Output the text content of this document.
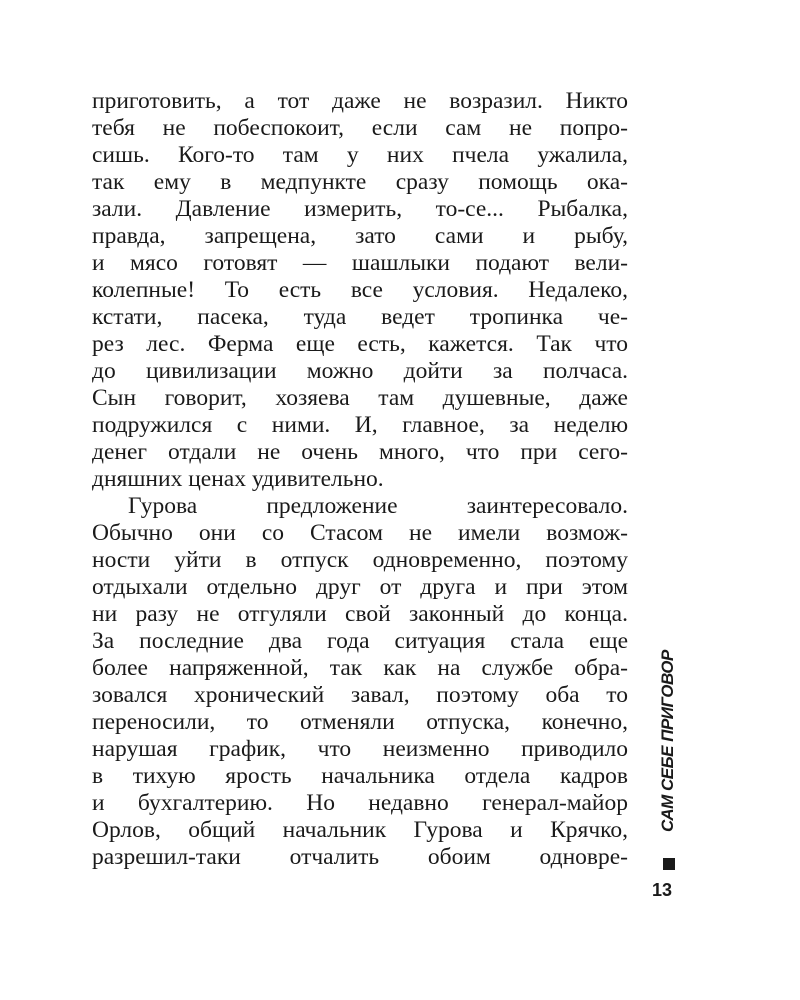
приготовить, а тот даже не возразил. Никто
тебя не побеспокоит, если сам не попро-
сишь. Кого-то там у них пчела ужалила,
так ему в медпункте сразу помощь ока-
зали. Давление измерить, то-се... Рыбалка,
правда, запрещена, зато сами и рыбу,
и мясо готовят — шашлыки подают вели-
колепные! То есть все условия. Недалеко,
кстати, пасека, туда ведет тропинка че-
рез лес. Ферма еще есть, кажется. Так что
до цивилизации можно дойти за полчаса.
Сын говорит, хозяева там душевные, даже
подружился с ними. И, главное, за неделю
денег отдали не очень много, что при сего-
дняшних ценах удивительно.
Гурова предложение заинтересовало.
Обычно они со Стасом не имели возмож-
ности уйти в отпуск одновременно, поэтому
отдыхали отдельно друг от друга и при этом
ни разу не отгуляли свой законный до конца.
За последние два года ситуация стала еще
более напряженной, так как на службе обра-
зовался хронический завал, поэтому оба то
переносили, то отменяли отпуска, конечно,
нарушая график, что неизменно приводило
в тихую ярость начальника отдела кадров
и бухгалтерию. Но недавно генерал-майор
Орлов, общий начальник Гурова и Крячко,
разрешил-таки отчалить обоим одновре-
САМ СЕБЕ ПРИГОВОР
13
